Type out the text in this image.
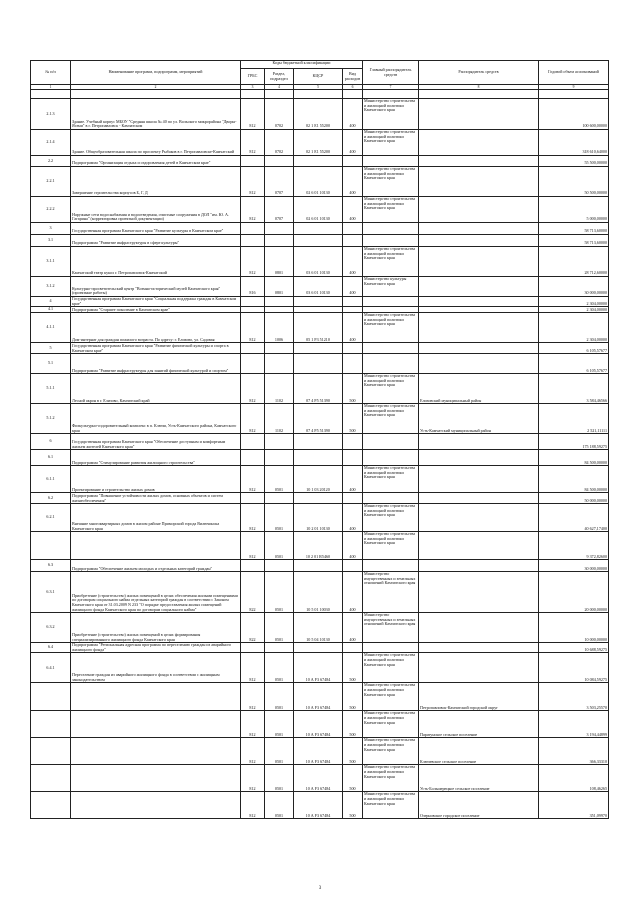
№ п/п	Наименование программ, подпрограмм, мероприятий	Коды бюджетной классификации				Главный распорядитель средств	Распорядитель средств	Годовой объем ассигнований
		ГРБС	Раздел, подраздел	КЦСР	Вид расходов			
1	2	3	4	5	6	7	8	9

2.1.3	Здание. Учебный корпус МБОУ "Средняя школа № 40 по ул. Вольского микрорайона "Дворы-Ясени" в г. Петропавловск - Камчатском	812	0702	02 1 E1 55200	400	Министерство строительства и жилищной политики Камчатского края		100 600,00000
2.1.4	Здание. Общеобразовательная школа по проспекту Рыбаков в г. Петропавловске-Камчатский	812	0702	02 1 E1 55200	400	Министерство строительства и жилищной политики Камчатского края		318 610,64000
2.2	Подпрограмма "Организация отдыха и оздоровления детей в Камчатском крае"							55 500,00000
2.2.1	Завершение строительства корпусов Б, Г, Д	812	0707	02 6 01 10130	400	Министерство строительства и жилищной политики Камчатского края		50 500,00000
2.2.2	Наружные сети водоснабжения и водоотведения, очистные сооружения в ДОЛ "им. Ю. А. Гагарина" (корректировка проектной документации)	812	0707	02 6 01 10130	400	Министерство строительства и жилищной политики Камчатского края		5 000,00000
3	Государственная программа Камчатского края "Развитие культуры в Камчатском крае"							58 713,60000
3.1	Подпрограмма "Развитие инфраструктуры в сфере культуры"							58 713,60000
3.1.1	Камчатский театр кукол г. Петропавловск-Камчатский	812	0801	03 6 01 10130	400	Министерство строительства и жилищной политики Камчатского края		28 712,60000
3.1.2	Культурно-просветительский центр "Военно-исторический музей Камчатского края" (проектные работы)	816	0801	03 6 01 10130	400	Министерство культуры Камчатского края		30 000,00000
4	Государственная программа Камчатского края "Социальная поддержка граждан в Камчатском крае"							2 304,00000
4.1	Подпрограмма "Старшее поколение в Камчатском крае"							2 304,00000
4.1.1	Дом-интернат для граждан пожилого возраста. По адресу: г. Елизово, ул. Садовая	812	1006	05 1 P3 51210	400	Министерство строительства и жилищной политики Камчатского края		2 304,00000
5	Государственная программа Камчатского края "Развитие физической культуры и спорта в Камчатском крае"							6 105,57677
5.1	Подпрограмма "Развитие инфраструктуры для занятий физической культурой и спортом"							6 105,57677
5.1.1	Лесной акрон в г. Елизово, Камчатский край	812	1102	07 4 P5 51390	500	Министерство строительства и жилищной политики Камчатского края	Елизовский муниципальный район	3 584,46566
5.1.2	Физкультурно-оздоровительный комплекс в п. Ключи, Усть-Камчатского района, Камчатского края	812	1102	07 4 P5 51390	500	Министерство строительства и жилищной политики Камчатского края	Усть-Камчатский муниципальный район	2 521,11111
6	Государственная программа Камчатского края "Обеспечение доступным и комфортным жильем жителей Камчатского края"							175 188,59275
6.1	Подпрограмма "Стимулирование развития жилищного строительства"							84 500,00000
6.1.1	Проектирование и строительство жилых домов	812	0501	10 1 03 20120	400	Министерство строительства и жилищной политики Камчатского края		84 500,00000
6.2	Подпрограмма "Повышение устойчивости жилых домов, основных объектов и систем жизнеобеспечения"							50 000,00000
6.2.1	Внешние многоквартирных домов в жилом районе Приморский города Вилючинска Камчатского края	812	0501	10 2 01 10130	400	Министерство строительства и жилищной политики Камчатского края		40 627,17400
		812	0501	10 2 01 R5460	400	Министерство строительства и жилищной политики Камчатского края		9 372,82600
6.3	Подпрограмма "Обеспечение жильем молодых и отдельных категорий граждан"							30 000,00000
6.3.1	Приобретение (строительство) жилых помещений в целях обеспечения жилыми помещениями по договорам социального найма отдельных категорий граждан в соответствии с Законом Камчатского края от 31.03.2009 N 233 "О порядке предоставления жилых помещений жилищного фонда Камчатского края по договорам социального найма"	822	0501	10 5 01 10030	400	Министерство имущественных и земельных отношений Камчатского края		20 000,00000
6.3.2	Приобретение (строительство) жилых помещений в целях формирования специализированного жилищного фонда Камчатского края	822	0501	10 5 04 10130	400	Министерство имущественных и земельных отношений Камчатского края		10 000,00000
6.4	Подпрограмма "Региональная адресная программа по переселению граждан из аварийного жилищного фонда"							10 688,59275
6.4.1	Переселение граждан из аварийного жилищного фонда в соответствии с жилищным законодательством	812	0501	10 А F3 67484	500	Министерство строительства и жилищной политики Камчатского края		10 084,59275
		812	0501	10 А F3 67484	500	Министерство строительства и жилищной политики Камчатского края	Петропавловск-Камчатский городской округ	3 503,25570
		812	0501	10 А F3 67484	500	Министерство строительства и жилищной политики Камчатского края	Паратунское сельское поселение	3 194,44899
		812	0501	10 А F3 67484	500	Министерство строительства и жилищной политики Камчатского края	Ключевское сельское поселение	366,33310
		812	0501	10 А F3 67484	500	Министерство строительства и жилищной политики Камчатского края	Усть-Большерецкое сельское поселение	108,46265
		812	0501	10 А F3 67484	500	Министерство строительства и жилищной политики Камчатского края	Озерновское городское поселение	351,09970
3
